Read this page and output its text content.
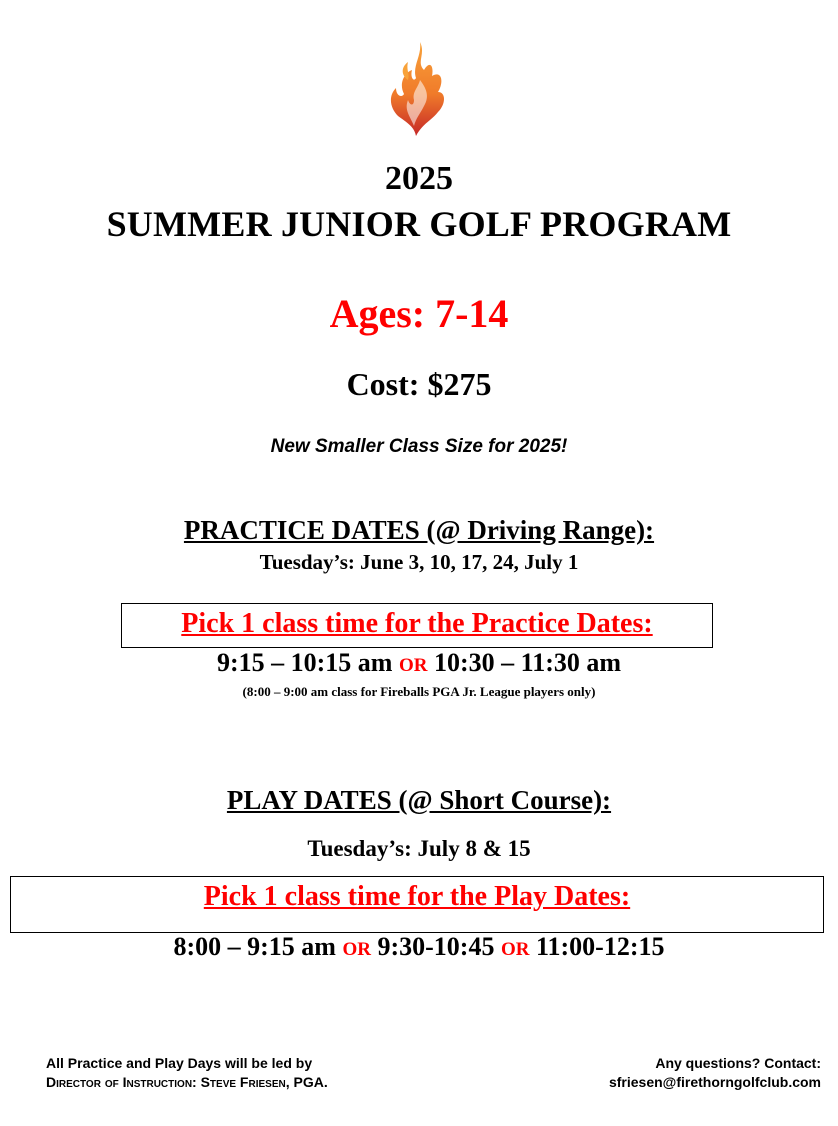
2025
SUMMER JUNIOR GOLF PROGRAM
Ages: 7-14
Cost: $275
New Smaller Class Size for 2025!
PRACTICE DATES (@ Driving Range):
Tuesday’s: June 3, 10, 17, 24, July 1
Pick 1 class time for the Practice Dates:
9:15 – 10:15 am OR 10:30 – 11:30 am
(8:00 – 9:00 am class for Fireballs PGA Jr. League players only)
PLAY DATES (@ Short Course):
Tuesday’s: July 8 & 15
Pick 1 class time for the Play Dates:
8:00 – 9:15 am OR 9:30-10:45 OR 11:00-12:15
All Practice and Play Days will be led by
Director of Instruction: Steve Friesen, PGA.
Any questions? Contact:
sfriesen@firethorngolfclub.com
